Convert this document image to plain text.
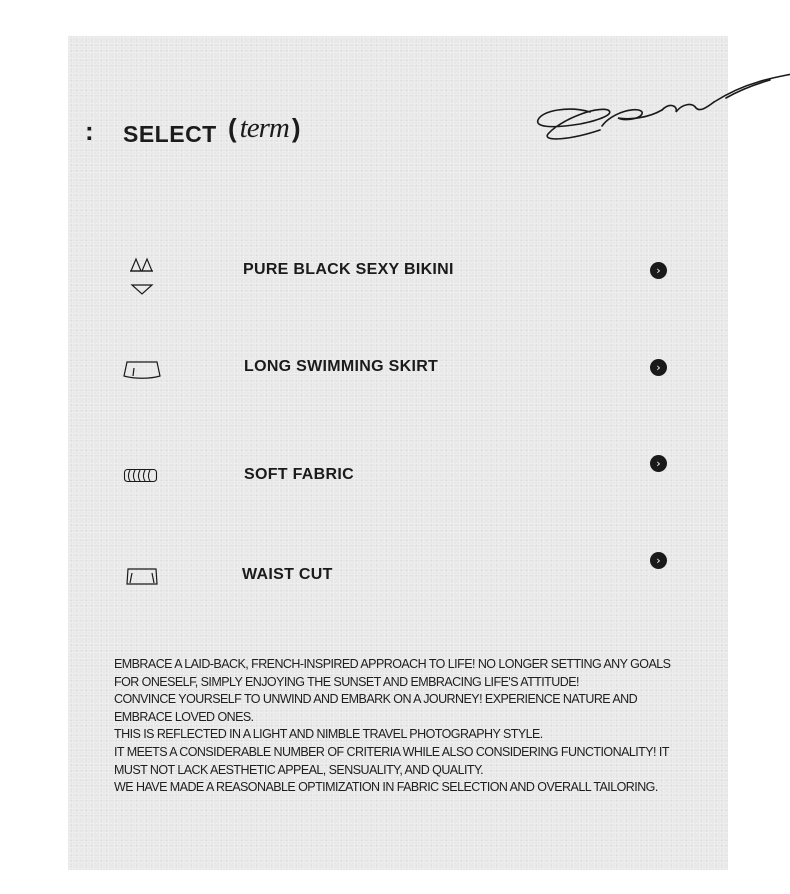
: SELECT ( term )
PURE BLACK SEXY BIKINI	›
LONG SWIMMING SKIRT	›
SOFT FABRIC
›
WAIST CUT
›

EMBRACE A LAID-BACK, FRENCH-INSPIRED APPROACH TO LIFE! NO LONGER SETTING ANY GOALS FOR ONESELF, SIMPLY ENJOYING THE SUNSET AND EMBRACING LIFE'S ATTITUDE!

CONVINCE YOURSELF TO UNWIND AND EMBARK ON A JOURNEY! EXPERIENCE NATURE AND EMBRACE LOVED ONES.

THIS IS REFLECTED IN A LIGHT AND NIMBLE TRAVEL PHOTOGRAPHY STYLE.

IT MEETS A CONSIDERABLE NUMBER OF CRITERIA WHILE ALSO CONSIDERING FUNCTIONALITY! IT MUST NOT LACK AESTHETIC APPEAL, SENSUALITY, AND QUALITY.

WE HAVE MADE A REASONABLE OPTIMIZATION IN FABRIC SELECTION AND OVERALL TAILORING.
